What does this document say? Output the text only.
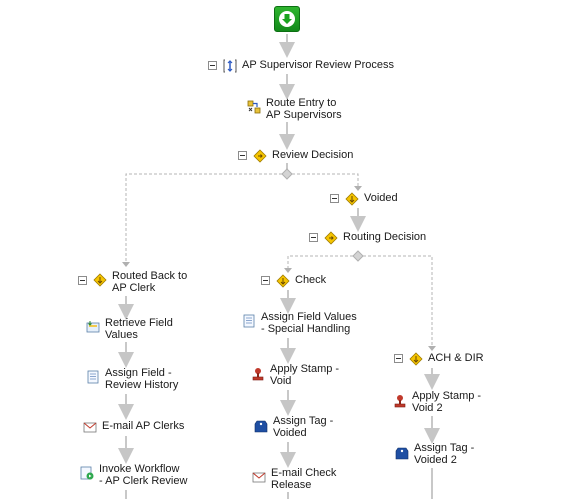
AP Supervisor Review Process
Route Entry to
AP Supervisors
Review Decision
Voided
Routing Decision
Routed Back to
AP Clerk
Retrieve Field
Values
Assign Field -
Review History
E-mail AP Clerks
Invoke Workflow
- AP Clerk Review
Check
Assign Field Values
- Special Handling
Apply Stamp -
Void
Assign Tag -
Voided
E-mail Check
Release
ACH & DIR
Apply Stamp -
Void 2
Assign Tag -
Voided 2
